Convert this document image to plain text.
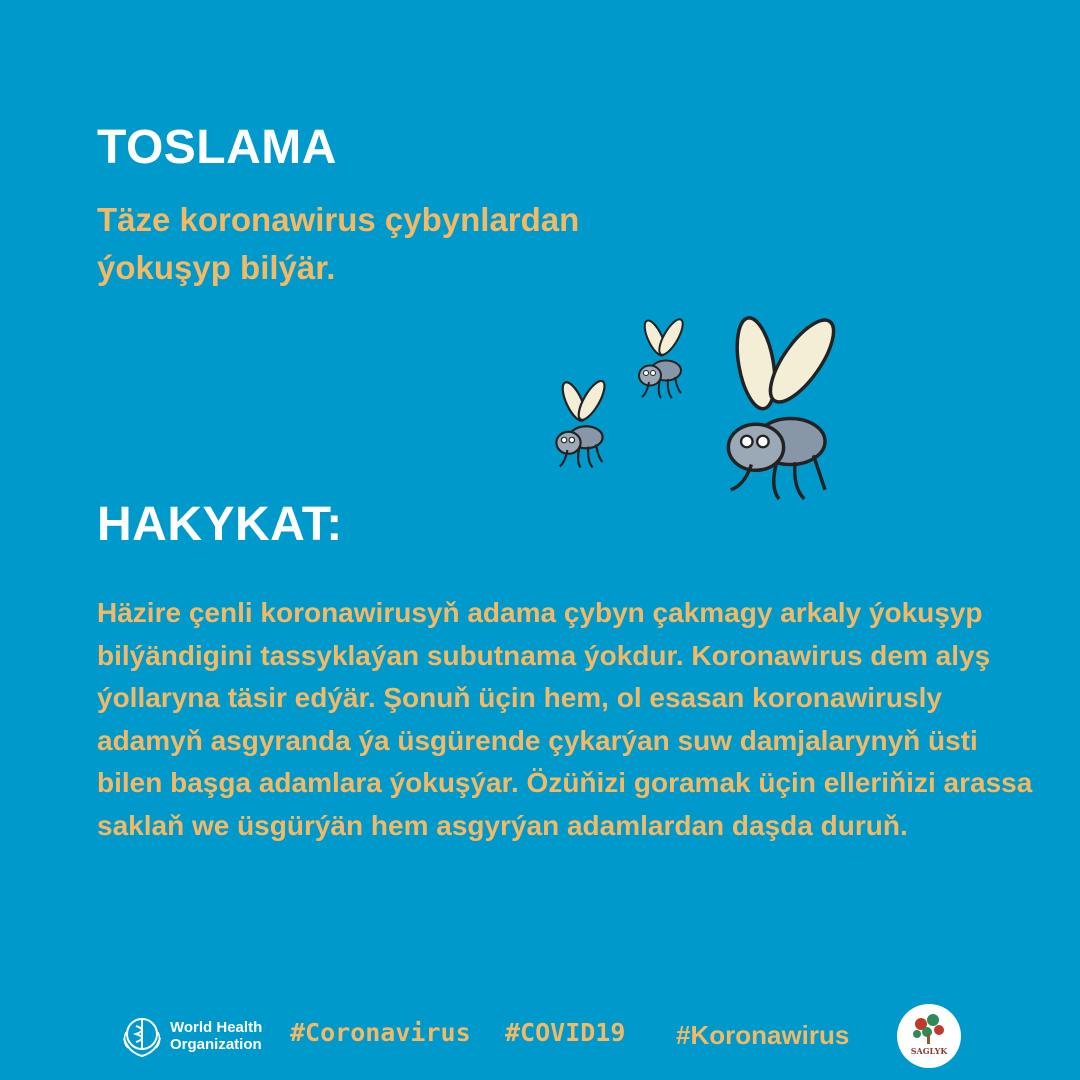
TOSLAMA
Täze koronawirus çybynlardan ýokuşyp bilýär.
HAKYKAT:
Häzire çenli koronawirusyň adama çybyn çakmagy arkaly ýokuşyp bilýändigini tassyklaýan subutnama ýokdur. Koronawirus dem alyş ýollaryna täsir edýär. Şonuň üçin hem, ol esasan koronawirusly adamyň asgyranda ýa üsgürende çykarýan suw damjalarynyň üsti bilen başga adamlara ýokuşýar. Özüňizi goramak üçin elleriňizi arassa saklaň we üsgürýän hem asgyrýan adamlardan daşda duruň.
World Health
Organization #Coronavirus #COVID19 #Koronawirus
SAGLYK
